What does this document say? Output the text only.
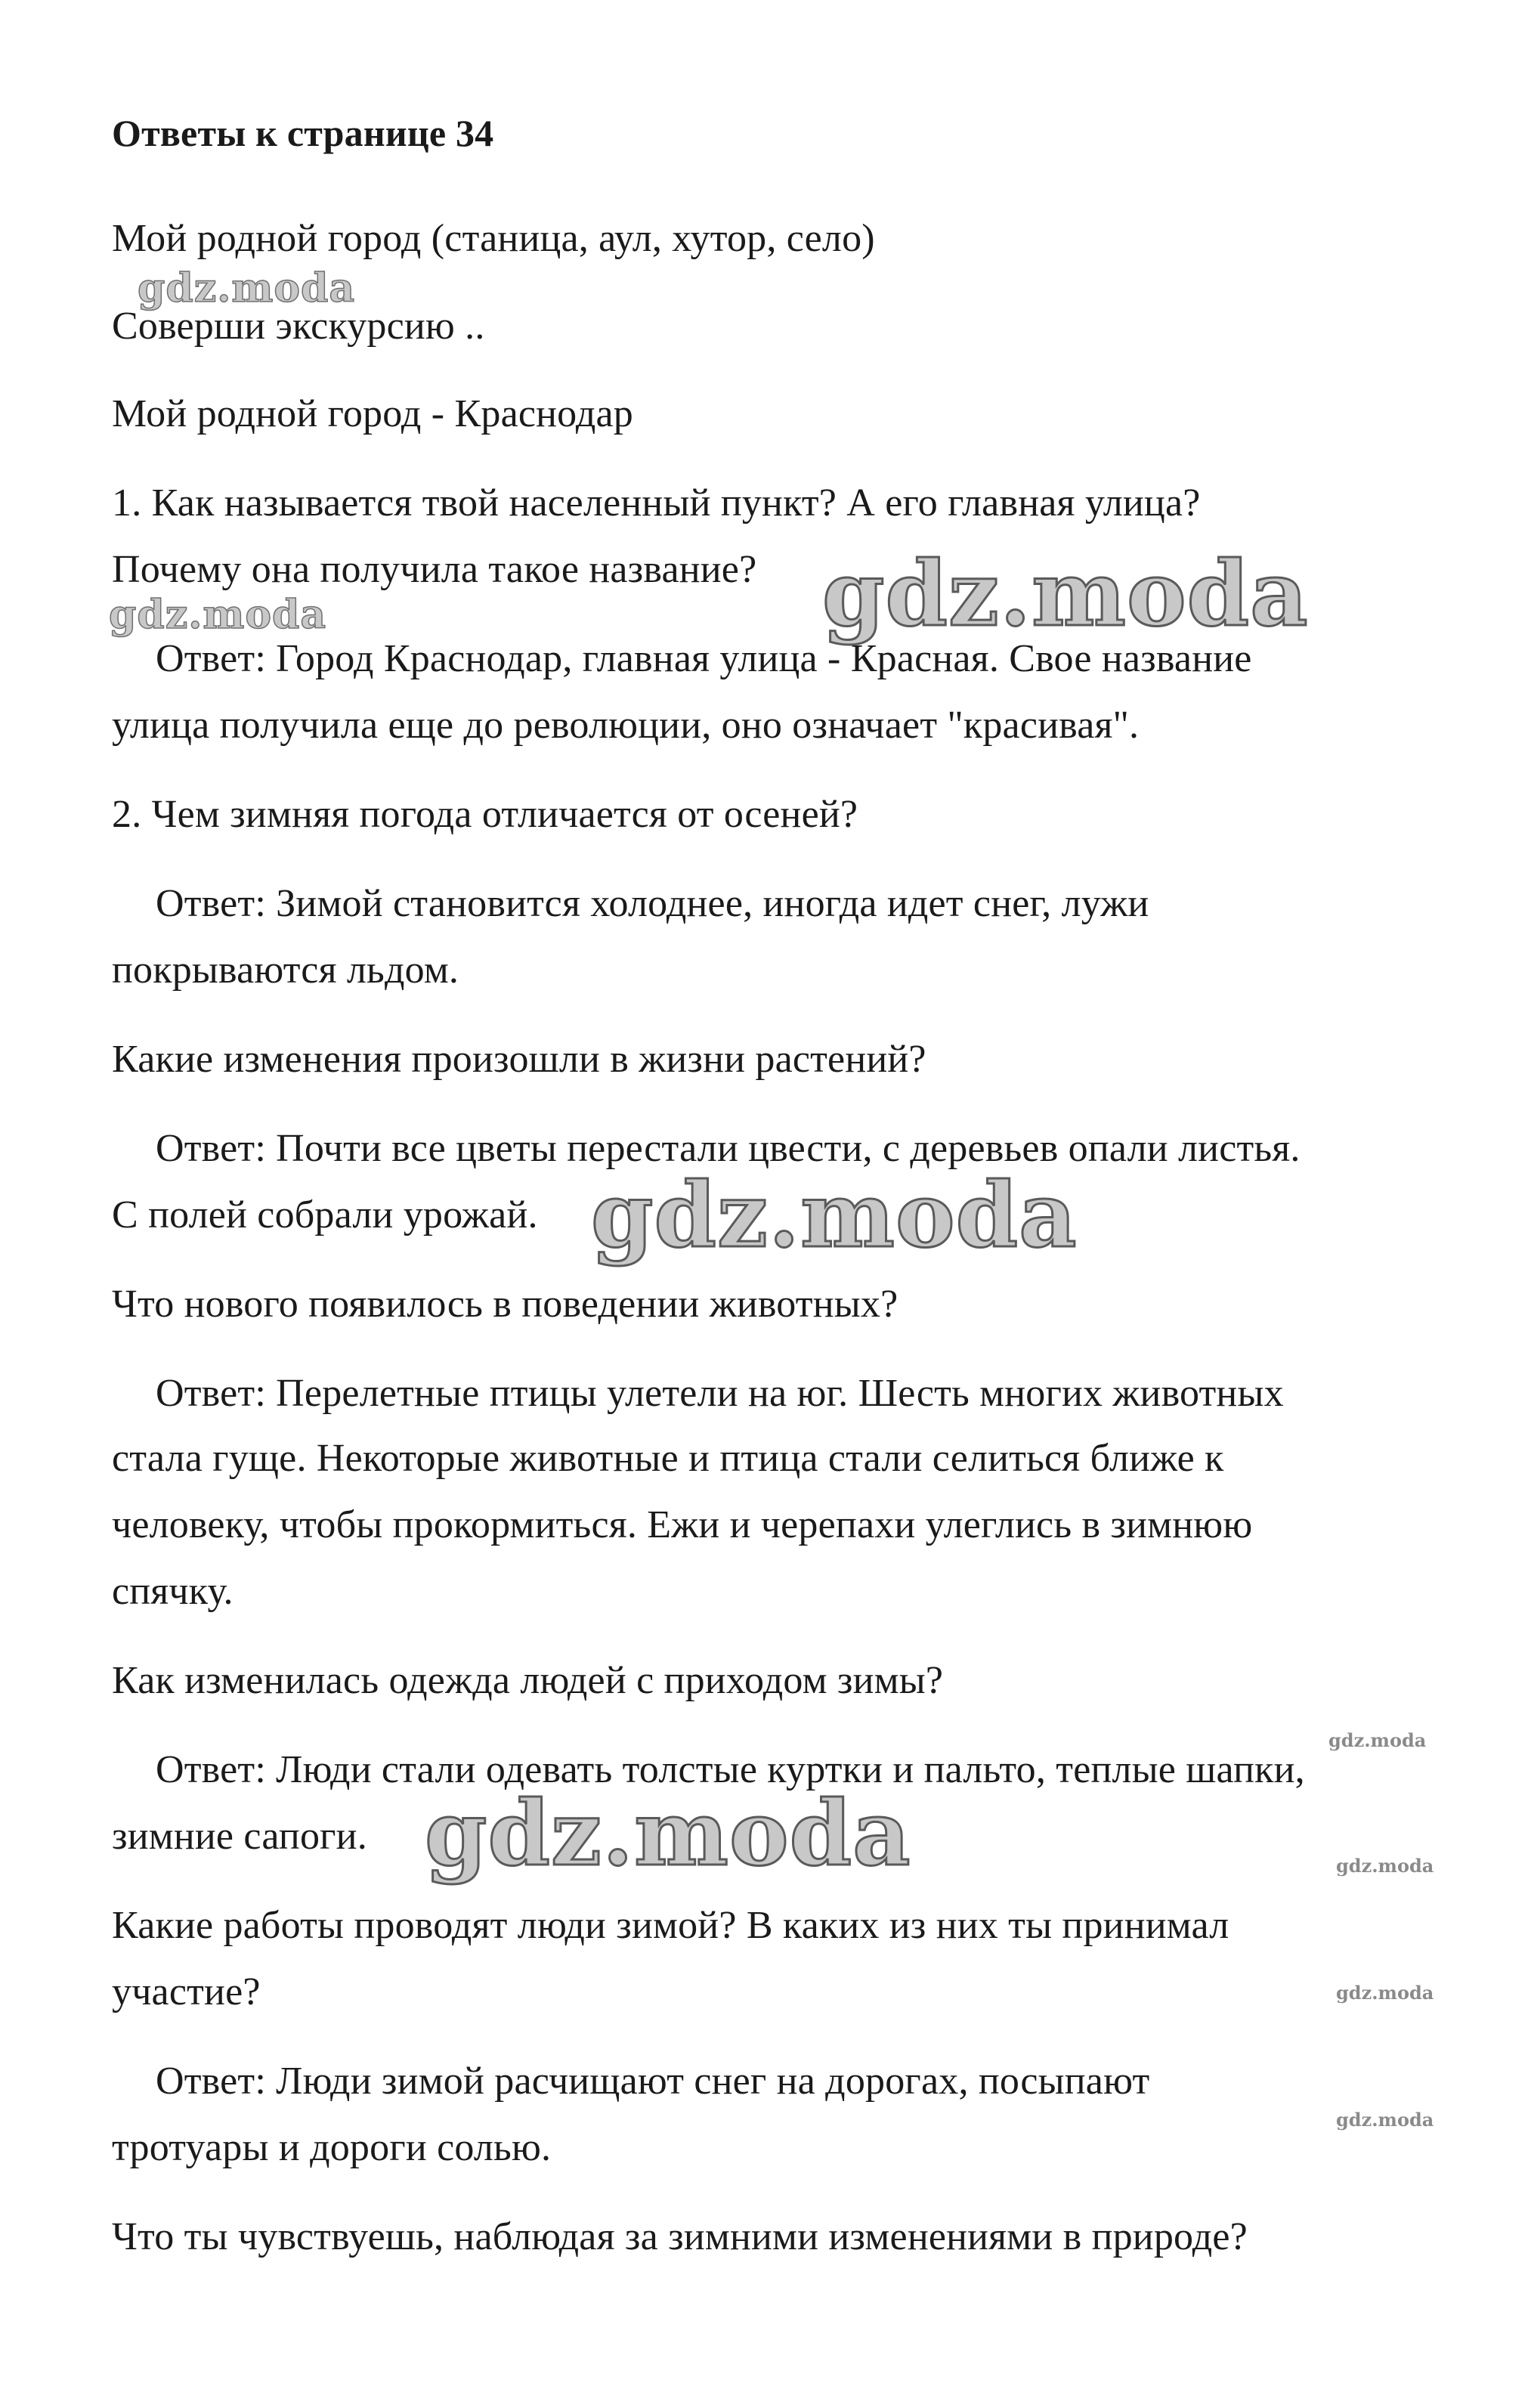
Ответы к странице 34
Мой родной город (станица, аул, хутор, село)
Соверши экскурсию ..
Мой родной город - Краснодар
1. Как называется твой населенный пункт? А его главная улица?
Почему она получила такое название?
Ответ: Город Краснодар, главная улица - Красная. Свое название
улица получила еще до революции, оно означает "красивая".
2. Чем зимняя погода отличается от осеней?
Ответ: Зимой становится холоднее, иногда идет снег, лужи
покрываются льдом.
Какие изменения произошли в жизни растений?
Ответ: Почти все цветы перестали цвести, с деревьев опали листья.
С полей собрали урожай.
Что нового появилось в поведении животных?
Ответ: Перелетные птицы улетели на юг. Шесть многих животных
стала гуще. Некоторые животные и птица стали селиться ближе к
человеку, чтобы прокормиться. Ежи и черепахи улеглись в зимнюю
спячку.
Как изменилась одежда людей с приходом зимы?
Ответ: Люди стали одевать толстые куртки и пальто, теплые шапки,
зимние сапоги.
Какие работы проводят люди зимой? В каких из них ты принимал
участие?
Ответ: Люди зимой расчищают снег на дорогах, посыпают
тротуары и дороги солью.
Что ты чувствуешь, наблюдая за зимними изменениями в природе?
gdz.moda
gdz.moda	gdz.moda
gdz.moda
gdz.moda
gdz.moda
gdz.moda
gdz.moda
gdz.moda
